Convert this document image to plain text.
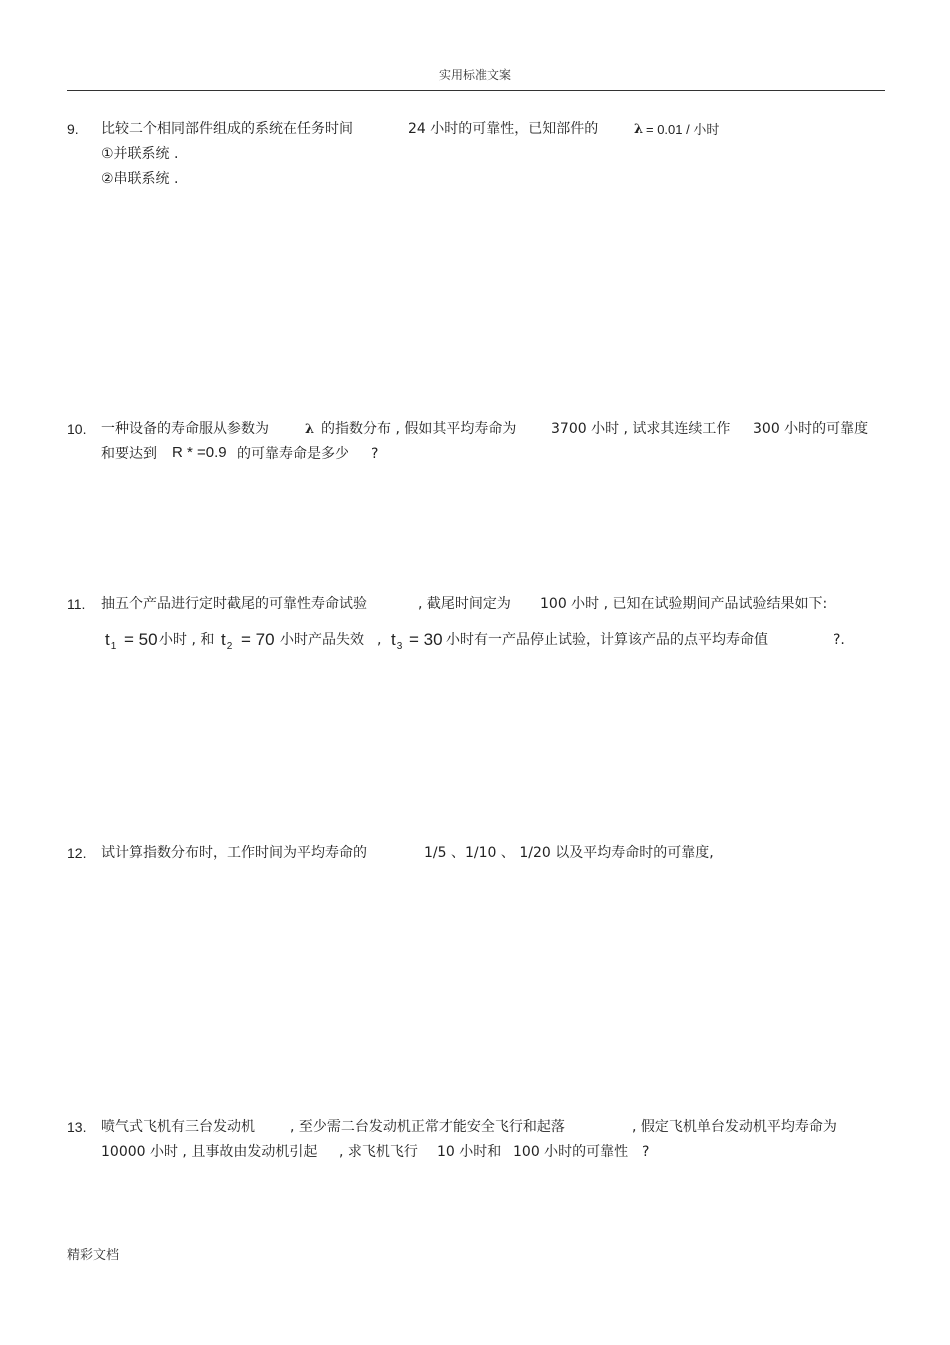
实用标准文案
9. 比较二个相同部件组成的系统在任务时间	24 小时的可靠性，已知部件的	λ = 0.01 / 小时
①并联系统 .
②串联系统 .
10. 一种设备的寿命服从参数为	λ 的指数分布 , 假如其平均寿命为 3700 小时 , 试求其连续工作 300 小时的可靠度
和要达到 R * =0.9 的可靠寿命是多少 ?
11. 抽五个产品进行定时截尾的可靠性寿命试验	, 截尾时间定为 100 小时 , 已知在试验期间产品试验结果如下:
$t_1 = 50$ 小时 , 和 $t_2 = 70$ 小时产品失效 , $t_3 = 30$ 小时有一产品停止试验，计算该产品的点平均寿命值	?.
12. 试计算指数分布时，工作时间为平均寿命的	1/5 、1/10 、 1/20 以及平均寿命时的可靠度,
13. 喷气式飞机有三台发动机	, 至少需二台发动机正常才能安全飞行和起落	, 假定飞机单台发动机平均寿命为
10000 小时 , 且事故由发动机引起 , 求飞机飞行 10 小时和 100 小时的可靠性 ?
精彩文档
